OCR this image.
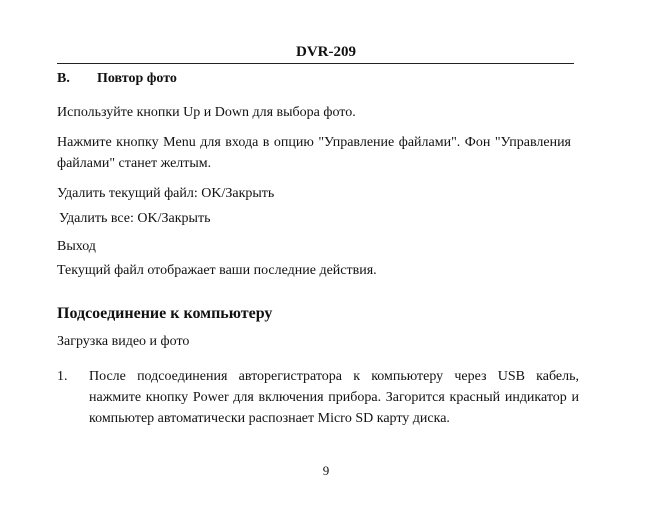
DVR-209
B. Повтор фото
Используйте кнопки Up и Down для выбора фото.
Нажмите кнопку Menu для входа в опцию "Управление файлами". Фон "Управления файлами" станет желтым.
Удалить текущий файл: OK/Закрыть
Удалить все: OK/Закрыть
Выход
Текущий файл отображает ваши последние действия.
Подсоединение к компьютеру
Загрузка видео и фото
1. После подсоединения авторегистратора к компьютеру через USB кабель, нажмите кнопку Power для включения прибора. Загорится красный индикатор и компьютер автоматически распознает Micro SD карту диска.
9
